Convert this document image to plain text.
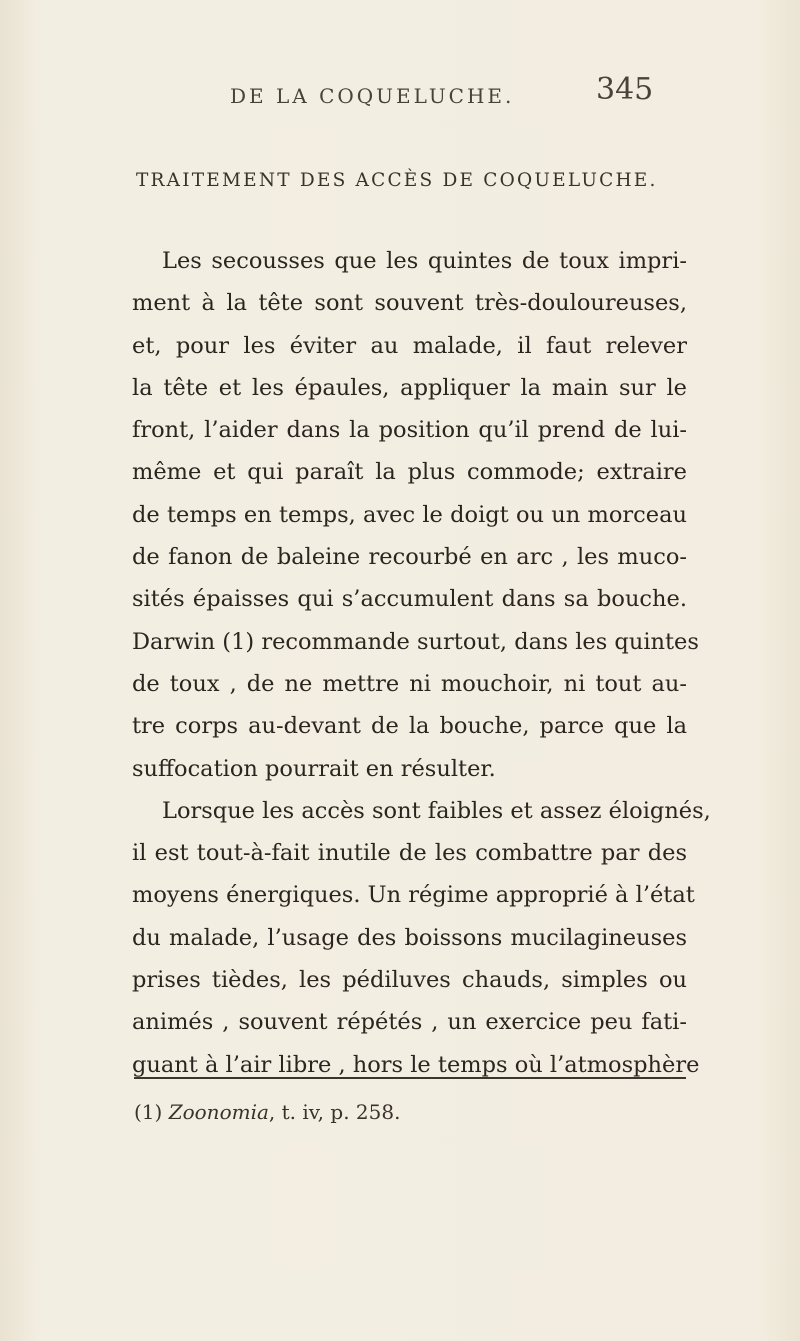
DE LA COQUELUCHE.	345
TRAITEMENT DES ACCÈS DE COQUELUCHE.
Les secousses que les quintes de toux impri-
ment à la tête sont souvent très-douloureuses,
et, pour les éviter au malade, il faut relever
la tête et les épaules, appliquer la main sur le
front, l’aider dans la position qu’il prend de lui-
même et qui paraît la plus commode; extraire
de temps en temps, avec le doigt ou un morceau
de fanon de baleine recourbé en arc , les muco-
sités épaisses qui s’accumulent dans sa bouche.
Darwin (1) recommande surtout, dans les quintes
de toux , de ne mettre ni mouchoir, ni tout au-
tre corps au-devant de la bouche, parce que la
suffocation pourrait en résulter.
Lorsque les accès sont faibles et assez éloignés,
il est tout-à-fait inutile de les combattre par des
moyens énergiques. Un régime approprié à l’état
du malade, l’usage des boissons mucilagineuses
prises tièdes, les pédiluves chauds, simples ou
animés , souvent répétés , un exercice peu fati-
guant à l’air libre , hors le temps où l’atmosphère
(1) Zoonomia, t. iv, p. 258.
